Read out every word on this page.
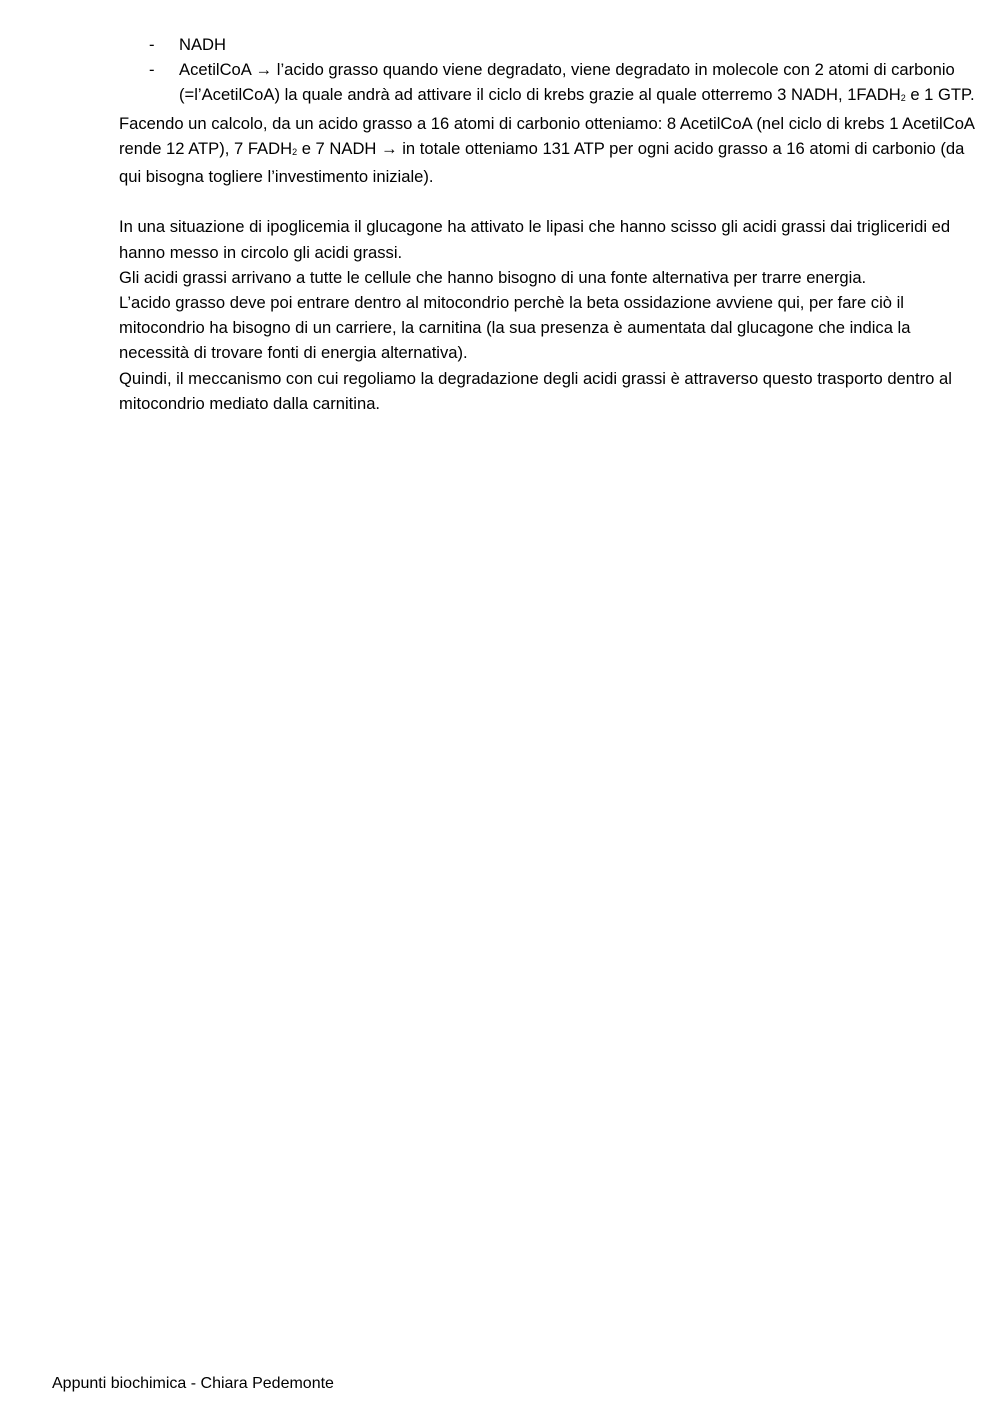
- NADH
- AcetilCoA → l’acido grasso quando viene degradato, viene degradato in molecole con 2 atomi di carbonio (=l’AcetilCoA) la quale andrà ad attivare il ciclo di krebs grazie al quale otterremo 3 NADH, $1FADH_2$ e 1 GTP.

Facendo un calcolo, da un acido grasso a 16 atomi di carbonio otteniamo: 8 AcetilCoA (nel ciclo di krebs 1 AcetilCoA rende 12 ATP), 7 $FADH_2$ e 7 NADH → in totale otteniamo 131 ATP per ogni acido grasso a 16 atomi di carbonio (da qui bisogna togliere l’investimento iniziale).

In una situazione di ipoglicemia il glucagone ha attivato le lipasi che hanno scisso gli acidi grassi dai trigliceridi ed hanno messo in circolo gli acidi grassi.

Gli acidi grassi arrivano a tutte le cellule che hanno bisogno di una fonte alternativa per trarre energia.

L’acido grasso deve poi entrare dentro al mitocondrio perchè la beta ossidazione avviene qui, per fare ciò il mitocondrio ha bisogno di un carriere, la carnitina (la sua presenza è aumentata dal glucagone che indica la necessità di trovare fonti di energia alternativa).

Quindi, il meccanismo con cui regoliamo la degradazione degli acidi grassi è attraverso questo trasporto dentro al mitocondrio mediato dalla carnitina.

Appunti biochimica - Chiara Pedemonte
